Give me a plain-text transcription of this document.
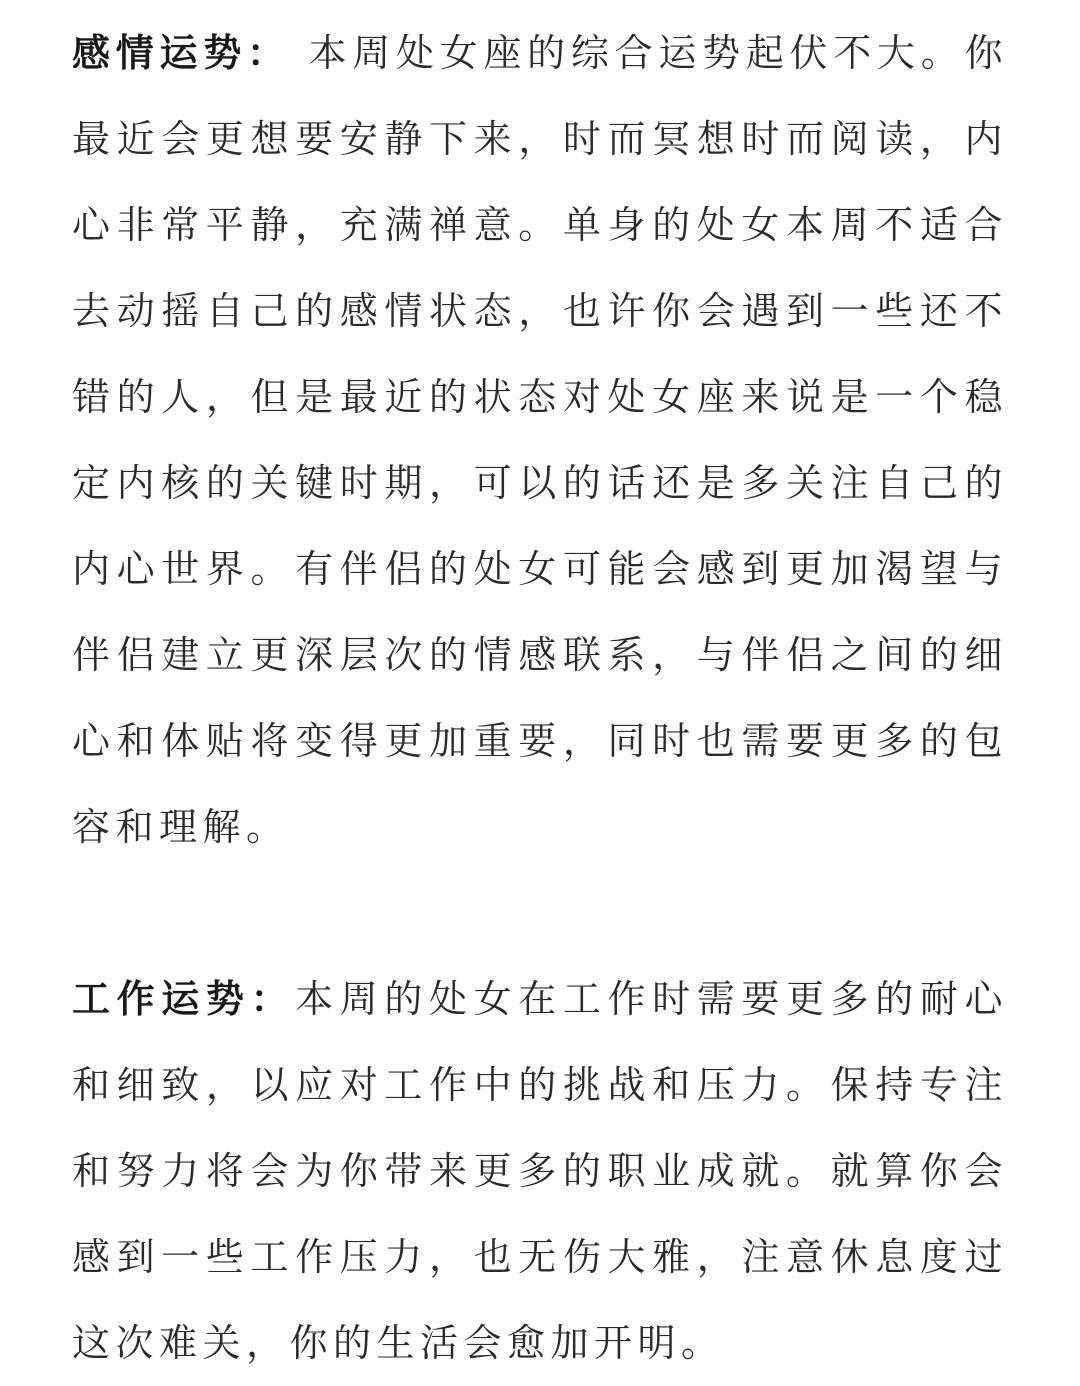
感情运势： 本周处女座的综合运势起伏不大。你最近会更想要安静下来，时而冥想时而阅读，内心非常平静，充满禅意。单身的处女本周不适合去动摇自己的感情状态，也许你会遇到一些还不错的人，但是最近的状态对处女座来说是一个稳定内核的关键时期，可以的话还是多关注自己的内心世界。有伴侣的处女可能会感到更加渴望与伴侣建立更深层次的情感联系，与伴侣之间的细心和体贴将变得更加重要，同时也需要更多的包容和理解。

工作运势：本周的处女在工作时需要更多的耐心和细致，以应对工作中的挑战和压力。保持专注和努力将会为你带来更多的职业成就。就算你会感到一些工作压力，也无伤大雅，注意休息度过这次难关，你的生活会愈加开明。
